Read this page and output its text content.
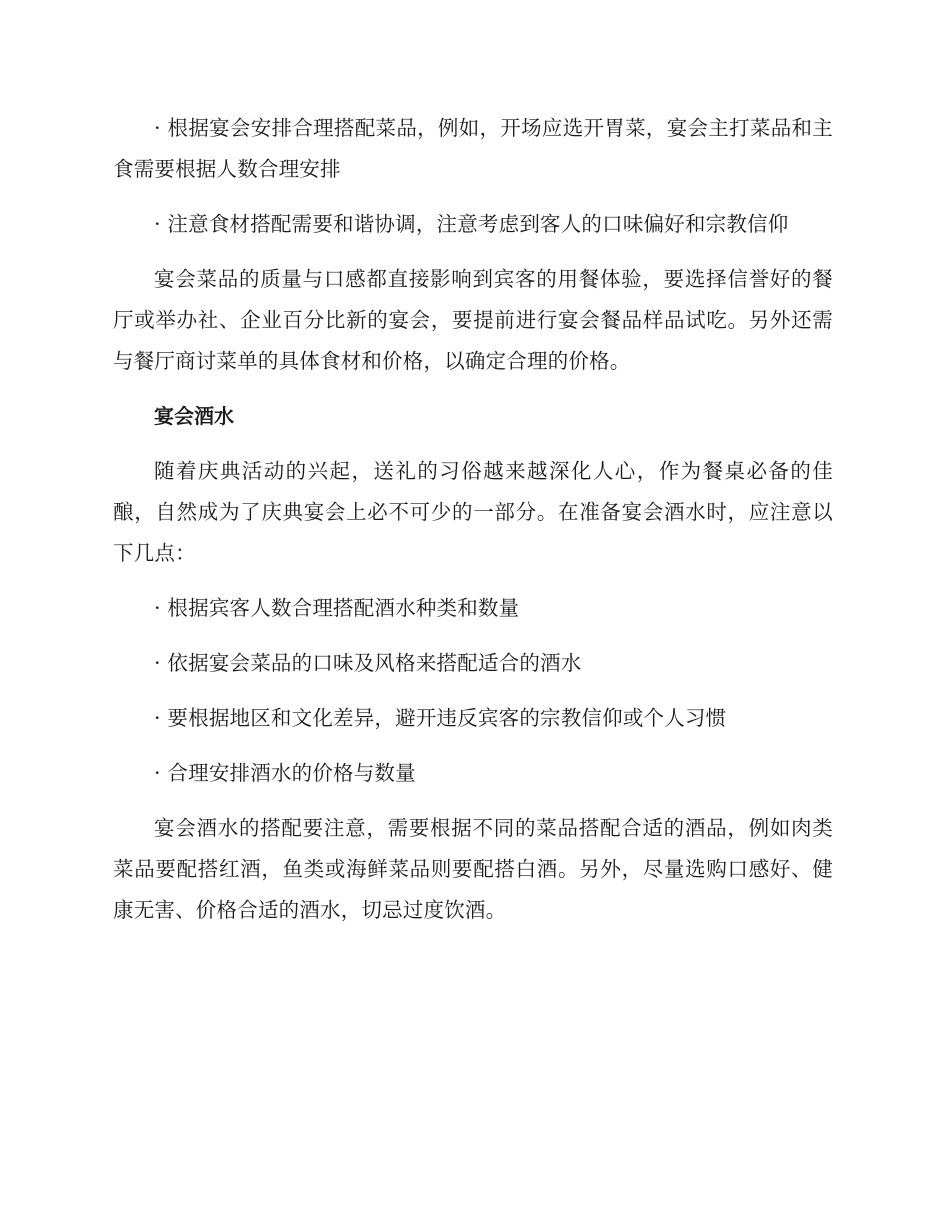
· 根据宴会安排合理搭配菜品，例如，开场应选开胃菜，宴会主打菜品和主食需要根据人数合理安排

· 注意食材搭配需要和谐协调，注意考虑到客人的口味偏好和宗教信仰

宴会菜品的质量与口感都直接影响到宾客的用餐体验，要选择信誉好的餐厅或举办社、企业百分比新的宴会，要提前进行宴会餐品样品试吃。另外还需与餐厅商讨菜单的具体食材和价格，以确定合理的价格。

宴会酒水

随着庆典活动的兴起，送礼的习俗越来越深化人心，作为餐桌必备的佳酿，自然成为了庆典宴会上必不可少的一部分。在准备宴会酒水时，应注意以下几点：

· 根据宾客人数合理搭配酒水种类和数量

· 依据宴会菜品的口味及风格来搭配适合的酒水

· 要根据地区和文化差异，避开违反宾客的宗教信仰或个人习惯

· 合理安排酒水的价格与数量

宴会酒水的搭配要注意，需要根据不同的菜品搭配合适的酒品，例如肉类菜品要配搭红酒，鱼类或海鲜菜品则要配搭白酒。另外，尽量选购口感好、健康无害、价格合适的酒水，切忌过度饮酒。
